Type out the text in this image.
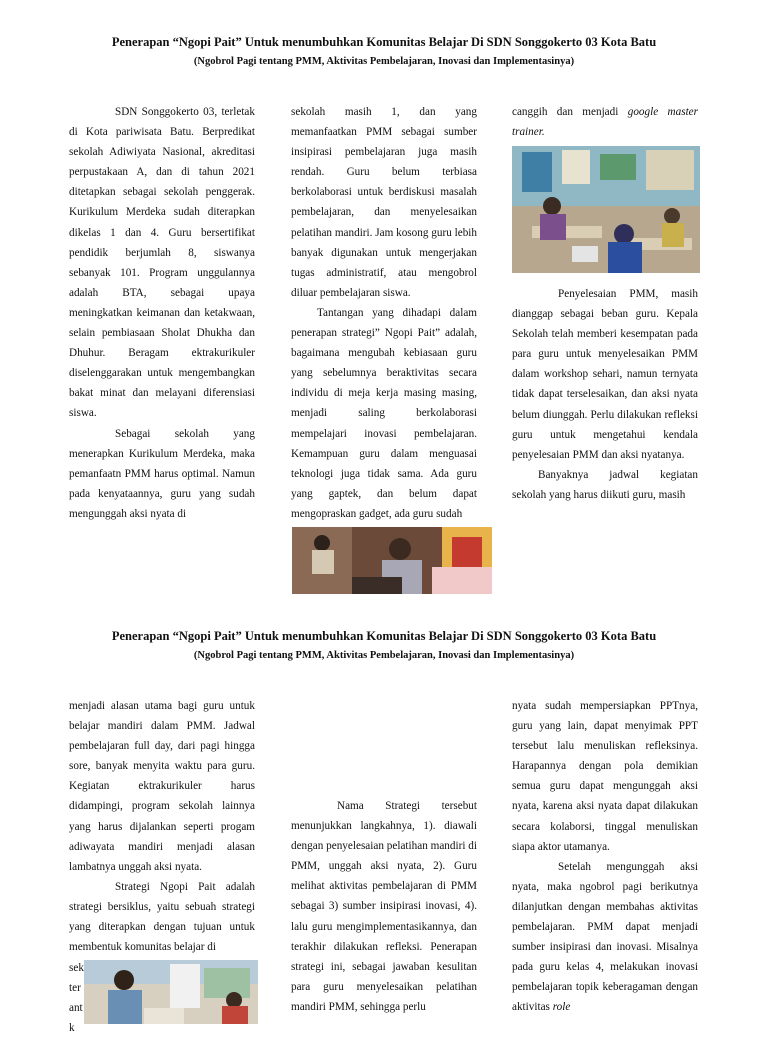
Penerapan “Ngopi Pait” Untuk menumbuhkan Komunitas Belajar Di SDN Songgokerto 03 Kota Batu
(Ngobrol Pagi tentang PMM, Aktivitas Pembelajaran, Inovasi dan Implementasinya)

SDN Songgokerto 03, terletak di Kota pariwisata Batu. Berpredikat sekolah Adiwiyata Nasional, akreditasi perpustakaan A, dan di tahun 2021 ditetapkan sebagai sekolah penggerak. Kurikulum Merdeka sudah diterapkan dikelas 1 dan 4. Guru bersertifikat pendidik berjumlah 8, siswanya sebanyak 101. Program unggulannya adalah BTA, sebagai upaya meningkatkan keimanan dan ketakwaan, selain pembiasaan Sholat Dhukha dan Dhuhur. Beragam ektrakurikuler diselenggarakan untuk mengembangkan bakat minat dan melayani diferensiasi siswa.

Sebagai sekolah yang menerapkan Kurikulum Merdeka, maka pemanfaatn PMM harus optimal. Namun pada kenyataannya, guru yang sudah mengunggah aksi nyata di

sekolah masih 1, dan yang memanfaatkan PMM sebagai sumber insipirasi pembelajaran juga masih rendah. Guru belum terbiasa berkolaborasi untuk berdiskusi masalah pembelajaran, dan menyelesaikan pelatihan mandiri. Jam kosong guru lebih banyak digunakan untuk mengerjakan tugas administratif, atau mengobrol diluar pembelajaran siswa.

Tantangan yang dihadapi dalam penerapan strategi” Ngopi Pait” adalah, bagaimana mengubah kebiasaan guru yang sebelumnya beraktivitas secara individu di meja kerja masing masing, menjadi saling berkolaborasi mempelajari inovasi pembelajaran. Kemampuan guru dalam menguasai teknologi juga tidak sama. Ada guru yang gaptek, dan belum dapat mengopraskan gadget, ada guru sudah

canggih dan menjadi google master trainer.

Penyelesaian PMM, masih dianggap sebagai beban guru. Kepala Sekolah telah memberi kesempatan pada para guru untuk menyelesaikan PMM dalam workshop sehari, namun ternyata tidak dapat terselesaikan, dan aksi nyata belum diunggah. Perlu dilakukan refleksi guru untuk mengetahui kendala penyelesaian PMM dan aksi nyatanya.

Banyaknya jadwal kegiatan sekolah yang harus diikuti guru, masih

Penerapan “Ngopi Pait” Untuk menumbuhkan Komunitas Belajar Di SDN Songgokerto 03 Kota Batu
(Ngobrol Pagi tentang PMM, Aktivitas Pembelajaran, Inovasi dan Implementasinya)

menjadi alasan utama bagi guru untuk belajar mandiri dalam PMM. Jadwal pembelajaran full day, dari pagi hingga sore, banyak menyita waktu para guru. Kegiatan ektrakurikuler harus didampingi, program sekolah lainnya yang harus dijalankan seperti progam adiwayata mandiri menjadi alasan lambatnya unggah aksi nyata.

Strategi Ngopi Pait adalah strategi bersiklus, yaitu sebuah strategi yang diterapkan dengan tujuan untuk membentuk komunitas belajar di

sek
ter
ant
k

Nama Strategi tersebut menunjukkan langkahnya, 1). diawali dengan penyelesaian pelatihan mandiri di PMM, unggah aksi nyata, 2). Guru melihat aktivitas pembelajaran di PMM sebagai 3) sumber insipirasi inovasi, 4). lalu guru mengimplementasikannya, dan terakhir dilakukan refleksi. Penerapan strategi ini, sebagai jawaban kesulitan para guru menyelesaikan pelatihan mandiri PMM, sehingga perlu

nyata sudah mempersiapkan PPTnya, guru yang lain, dapat menyimak PPT tersebut lalu menuliskan refleksinya. Harapannya dengan pola demikian semua guru dapat mengunggah aksi nyata, karena aksi nyata dapat dilakukan secara kolaborsi, tinggal menuliskan siapa aktor utamanya.

Setelah mengunggah aksi nyata, maka ngobrol pagi berikutnya dilanjutkan dengan membahas aktivitas pembelajaran. PMM dapat menjadi sumber insipirasi dan inovasi. Misalnya pada guru kelas 4, melakukan inovasi pembelajaran topik keberagaman dengan aktivitas role
